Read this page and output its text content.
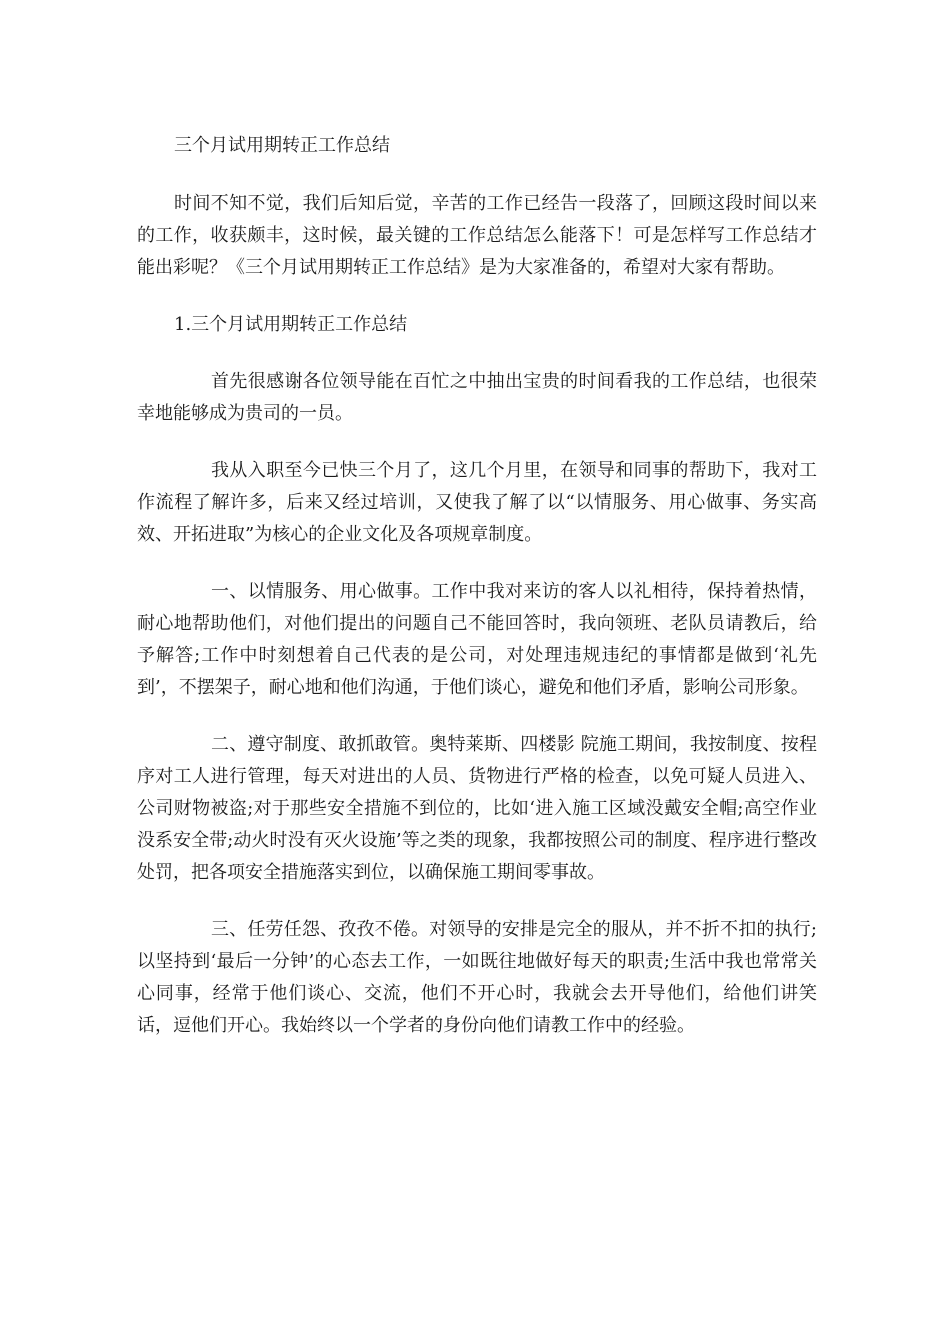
三个月试用期转正工作总结

时间不知不觉，我们后知后觉，辛苦的工作已经告一段落了，回顾这段时间以来的工作，收获颇丰，这时候，最关键的工作总结怎么能落下！可是怎样写工作总结才能出彩呢？《三个月试用期转正工作总结》是为大家准备的，希望对大家有帮助。

1.三个月试用期转正工作总结

首先很感谢各位领导能在百忙之中抽出宝贵的时间看我的工作总结，也很荣幸地能够成为贵司的一员。

我从入职至今已快三个月了，这几个月里，在领导和同事的帮助下，我对工作流程了解许多，后来又经过培训，又使我了解了以“以情服务、用心做事、务实高效、开拓进取”为核心的企业文化及各项规章制度。

一、以情服务、用心做事。工作中我对来访的客人以礼相待，保持着热情，耐心地帮助他们，对他们提出的问题自己不能回答时，我向领班、老队员请教后，给予解答;工作中时刻想着自己代表的是公司，对处理违规违纪的事情都是做到‘礼先到’，不摆架子，耐心地和他们沟通，于他们谈心，避免和他们矛盾，影响公司形象。

二、遵守制度、敢抓敢管。奥特莱斯、四楼影 院施工期间，我按制度、按程序对工人进行管理，每天对进出的人员、货物进行严格的检查，以免可疑人员进入、公司财物被盗;对于那些安全措施不到位的，比如‘进入施工区域没戴安全帽;高空作业没系安全带;动火时没有灭火设施’等之类的现象，我都按照公司的制度、程序进行整改处罚，把各项安全措施落实到位，以确保施工期间零事故。

三、任劳任怨、孜孜不倦。对领导的安排是完全的服从，并不折不扣的执行;以坚持到‘最后一分钟’的心态去工作，一如既往地做好每天的职责;生活中我也常常关心同事，经常于他们谈心、交流，他们不开心时，我就会去开导他们，给他们讲笑话，逗他们开心。我始终以一个学者的身份向他们请教工作中的经验。
